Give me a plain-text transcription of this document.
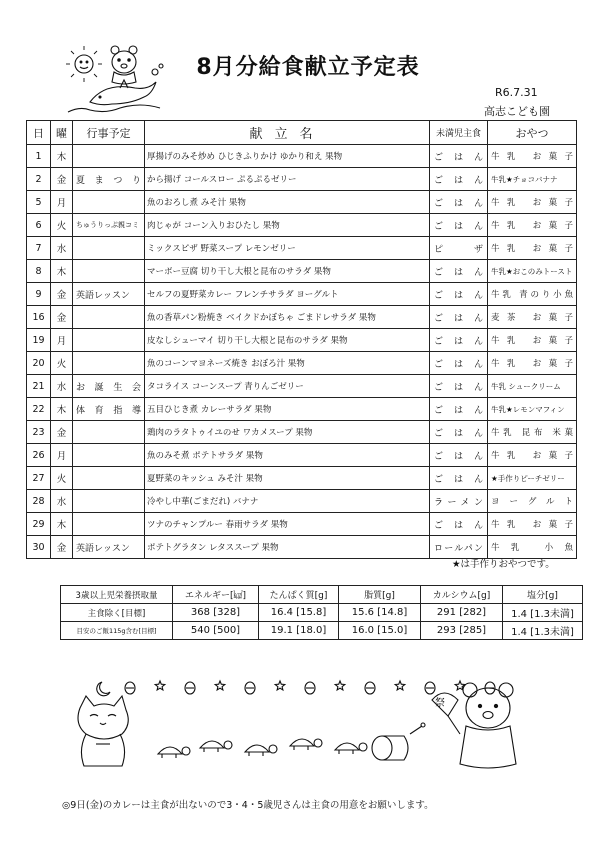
8月分給食献立予定表
R6.7.31
高志こども園
日	曜	行事予定	献立名	未満児主食	おやつ
1	木		厚揚げのみそ炒め ひじきふりかけ ゆかり和え 果物	ごはん	牛乳 お菓子
2	金	夏まつり	から揚げ コールスロー ぷるぷるゼリー	ごはん	牛乳★チョコバナナ
5	月		魚のおろし煮 みそ汁 果物	ごはん	牛乳 お菓子
6	火	ちゅうりっぷ親コミ	肉じゃが コーン入りおひたし 果物	ごはん	牛乳 お菓子
7	水		ミックスピザ 野菜スープ レモンゼリー	ピザ	牛乳 お菓子
8	木		マーボー豆腐 切り干し大根と昆布のサラダ 果物	ごはん	牛乳★おこのみトースト
9	金	英語レッスン	セルフの夏野菜カレー フレンチサラダ ヨーグルト	ごはん	牛乳 青のり小魚
16	金		魚の香草パン粉焼き ベイクドかぼちゃ ごまドレサラダ 果物	ごはん	麦茶 お菓子
19	月		皮なしシューマイ 切り干し大根と昆布のサラダ 果物	ごはん	牛乳 お菓子
20	火		魚のコーンマヨネーズ焼き おぼろ汁 果物	ごはん	牛乳 お菓子
21	水	お誕生会	タコライス コーンスープ 青りんごゼリー	ごはん	牛乳 シュークリーム
22	木	体育指導	五目ひじき煮 カレーサラダ 果物	ごはん	牛乳★レモンマフィン
23	金		鶏肉のラタトゥイユのせ ワカメスープ 果物	ごはん	牛乳 昆布 米菓
26	月		魚のみそ煮 ポテトサラダ 果物	ごはん	牛乳 お菓子
27	火		夏野菜のキッシュ みそ汁 果物	ごはん	★手作りピーチゼリー
28	水		冷やし中華(ごまだれ) バナナ	ラーメン	ヨーグルト
29	木		ツナのチャンプルー 春雨サラダ 果物	ごはん	牛乳 お菓子
30	金	英語レッスン	ポテトグラタン レタススープ 果物	ロールパン	牛乳 小魚
★は手作りおやつです。
3歳以上児栄養摂取量	エネルギー[㎉]	たんぱく質[g]	脂質[g]	カルシウム[g]	塩分[g]
主食除く[目標]	368 [328]	16.4 [15.8]	15.6 [14.8]	291 [282]	1.4 [1.3未満]
目安のご飯115g含む[目標]	540 [500]	19.1 [18.0]	16.0 [15.0]	293 [285]	1.4 [1.3未満]
祭
◎9日(金)のカレーは主食が出ないので3・4・5歳児さんは主食の用意をお願いします。
